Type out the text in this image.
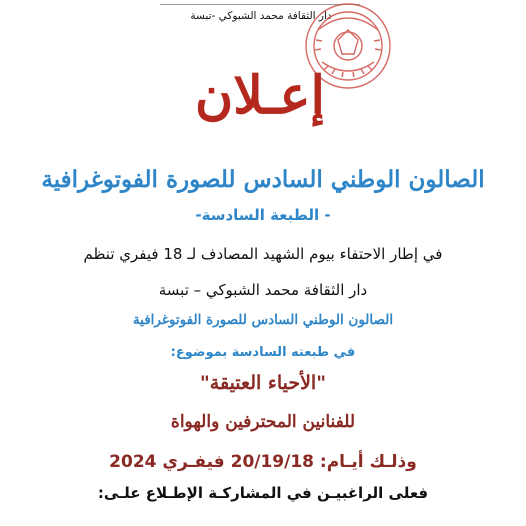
دار الثقافة محمد الشبوكي -تبسة
إعـلان
الصالون الوطني السادس للصورة الفوتوغرافية
- الطبعة السادسة-
في إطار الاحتفاء بيوم الشهيد المصادف لـ 18 فيفري تنظم
دار الثقافة محمد الشبوكي – تبسة
الصالون الوطني السادس للصورة الفوتوغرافية
في طبعته السادسة بموضوع:
"الأحياء العتيقة"
للفنانين المحترفين والهواة
وذلـك أيـام: 20/19/18 فيفـري 2024
فعلى الراغبيـن في المشاركـة الإطـلاع علـى:
